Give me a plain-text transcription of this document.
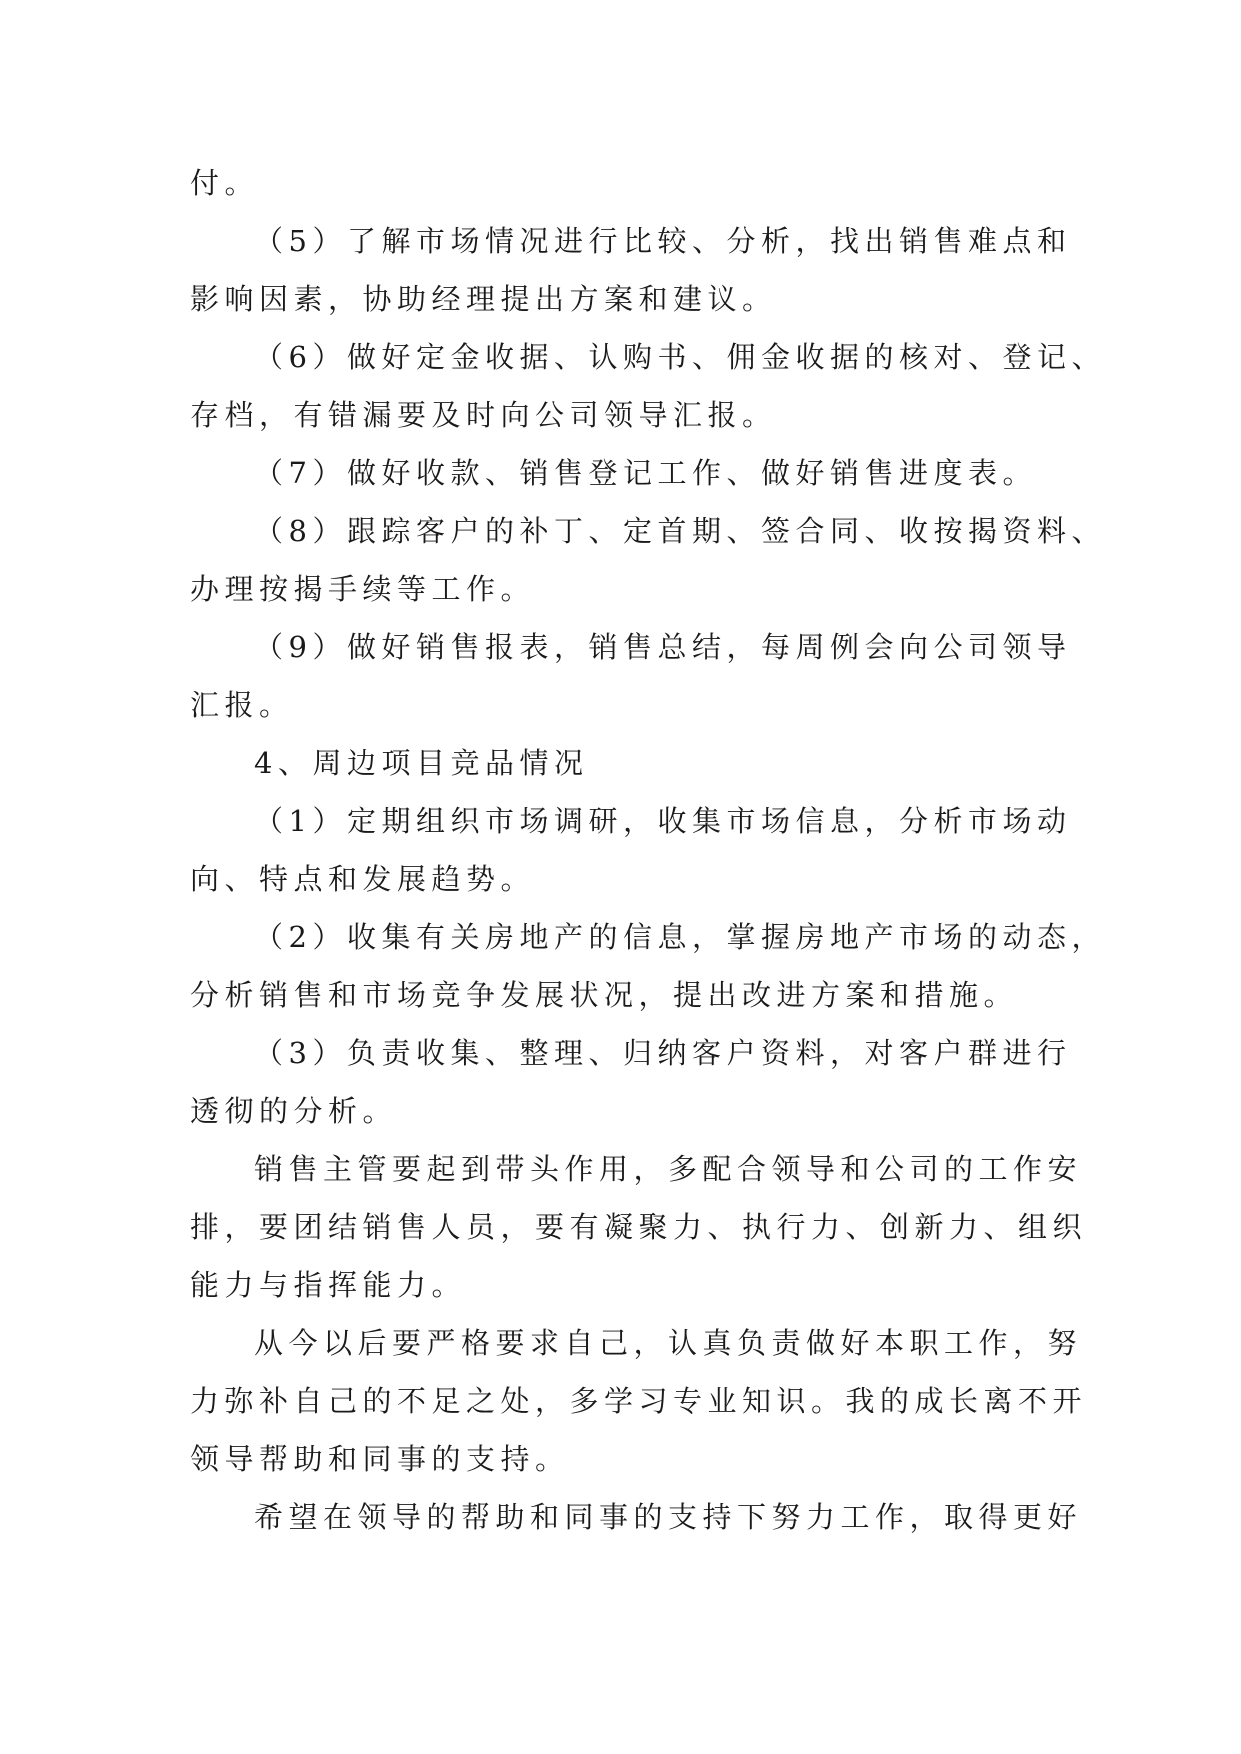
付。

（5）了解市场情况进行比较、分析，找出销售难点和
影响因素，协助经理提出方案和建议。

（6）做好定金收据、认购书、佣金收据的核对、登记、
存档，有错漏要及时向公司领导汇报。

（7）做好收款、销售登记工作、做好销售进度表。

（8）跟踪客户的补丁、定首期、签合同、收按揭资料、
办理按揭手续等工作。

（9）做好销售报表，销售总结，每周例会向公司领导
汇报。

4、周边项目竞品情况

（1）定期组织市场调研，收集市场信息，分析市场动
向、特点和发展趋势。

（2）收集有关房地产的信息，掌握房地产市场的动态，
分析销售和市场竞争发展状况，提出改进方案和措施。

（3）负责收集、整理、归纳客户资料，对客户群进行
透彻的分析。

销售主管要起到带头作用，多配合领导和公司的工作安
排，要团结销售人员，要有凝聚力、执行力、创新力、组织
能力与指挥能力。

从今以后要严格要求自己，认真负责做好本职工作，努
力弥补自己的不足之处，多学习专业知识。我的成长离不开
领导帮助和同事的支持。

希望在领导的帮助和同事的支持下努力工作，取得更好
